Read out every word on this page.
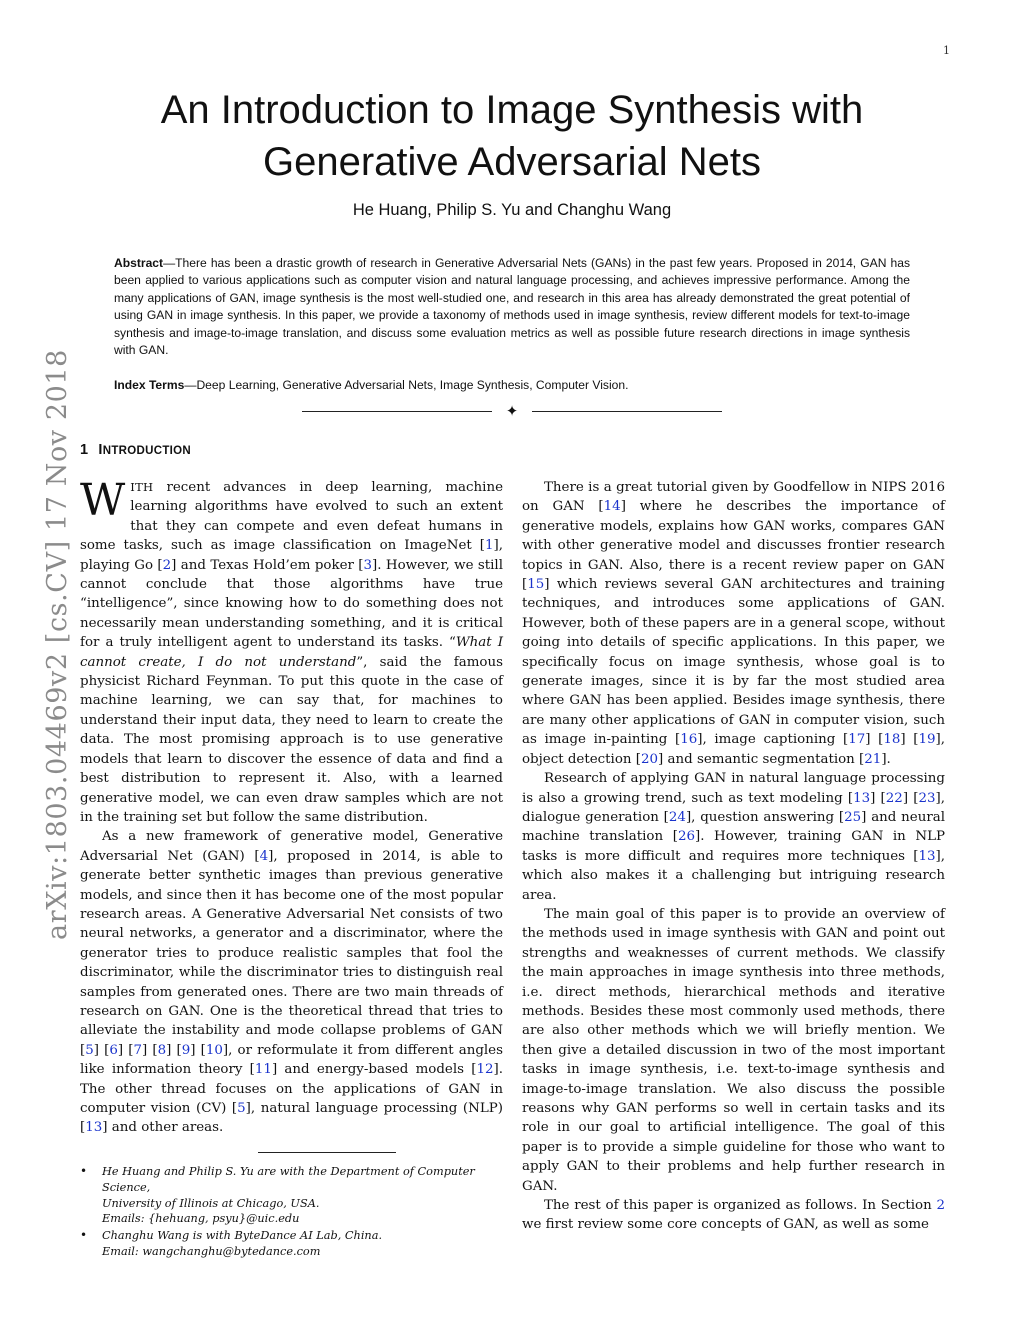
1
arXiv:1803.04469v2 [cs.CV] 17 Nov 2018
An Introduction to Image Synthesis with
Generative Adversarial Nets
He Huang, Philip S. Yu and Changhu Wang

Abstract—There has been a drastic growth of research in Generative Adversarial Nets (GANs) in the past few years. Proposed in 2014, GAN has been applied to various applications such as computer vision and natural language processing, and achieves impressive performance. Among the many applications of GAN, image synthesis is the most well-studied one, and research in this area has already demonstrated the great potential of using GAN in image synthesis. In this paper, we provide a taxonomy of methods used in image synthesis, review different models for text-to-image synthesis and image-to-image translation, and discuss some evaluation metrics as well as possible future research directions in image synthesis with GAN.

Index Terms—Deep Learning, Generative Adversarial Nets, Image Synthesis, Computer Vision.

✦
1 INTRODUCTION

WITH recent advances in deep learning, machine learning algorithms have evolved to such an extent that they can compete and even defeat humans in some tasks, such as image classification on ImageNet [1], playing Go [2] and Texas Hold’em poker [3]. However, we still cannot conclude that those algorithms have true “intelligence”, since knowing how to do something does not necessarily mean understanding something, and it is critical for a truly intelligent agent to understand its tasks. “What I cannot create, I do not understand”, said the famous physicist Richard Feynman. To put this quote in the case of machine learning, we can say that, for machines to understand their input data, they need to learn to create the data. The most promising approach is to use generative models that learn to discover the essence of data and find a best distribution to represent it. Also, with a learned generative model, we can even draw samples which are not in the training set but follow the same distribution.

As a new framework of generative model, Generative Adversarial Net (GAN) [4], proposed in 2014, is able to generate better synthetic images than previous generative models, and since then it has become one of the most popular research areas. A Generative Adversarial Net consists of two neural networks, a generator and a discriminator, where the generator tries to produce realistic samples that fool the discriminator, while the discriminator tries to distinguish real samples from generated ones. There are two main threads of research on GAN. One is the theoretical thread that tries to alleviate the instability and mode collapse problems of GAN [5] [6] [7] [8] [9] [10], or reformulate it from different angles like information theory [11] and energy-based models [12]. The other thread focuses on the applications of GAN in computer vision (CV) [5], natural language processing (NLP) [13] and other areas.

• He Huang and Philip S. Yu are with the Department of Computer Science,
University of Illinois at Chicago, USA.
Emails: {hehuang, psyu}@uic.edu
• Changhu Wang is with ByteDance AI Lab, China.
Email: wangchanghu@bytedance.com

There is a great tutorial given by Goodfellow in NIPS 2016 on GAN [14] where he describes the importance of generative models, explains how GAN works, compares GAN with other generative model and discusses frontier research topics in GAN. Also, there is a recent review paper on GAN [15] which reviews several GAN architectures and training techniques, and introduces some applications of GAN. However, both of these papers are in a general scope, without going into details of specific applications. In this paper, we specifically focus on image synthesis, whose goal is to generate images, since it is by far the most studied area where GAN has been applied. Besides image synthesis, there are many other applications of GAN in computer vision, such as image in-painting [16], image captioning [17] [18] [19], object detection [20] and semantic segmentation [21].

Research of applying GAN in natural language processing is also a growing trend, such as text modeling [13] [22] [23], dialogue generation [24], question answering [25] and neural machine translation [26]. However, training GAN in NLP tasks is more difficult and requires more techniques [13], which also makes it a challenging but intriguing research area.

The main goal of this paper is to provide an overview of the methods used in image synthesis with GAN and point out strengths and weaknesses of current methods. We classify the main approaches in image synthesis into three methods, i.e. direct methods, hierarchical methods and iterative methods. Besides these most commonly used methods, there are also other methods which we will briefly mention. We then give a detailed discussion in two of the most important tasks in image synthesis, i.e. text-to-image synthesis and image-to-image translation. We also discuss the possible reasons why GAN performs so well in certain tasks and its role in our goal to artificial intelligence. The goal of this paper is to provide a simple guideline for those who want to apply GAN to their problems and help further research in GAN.

The rest of this paper is organized as follows. In Section 2 we first review some core concepts of GAN, as well as some
